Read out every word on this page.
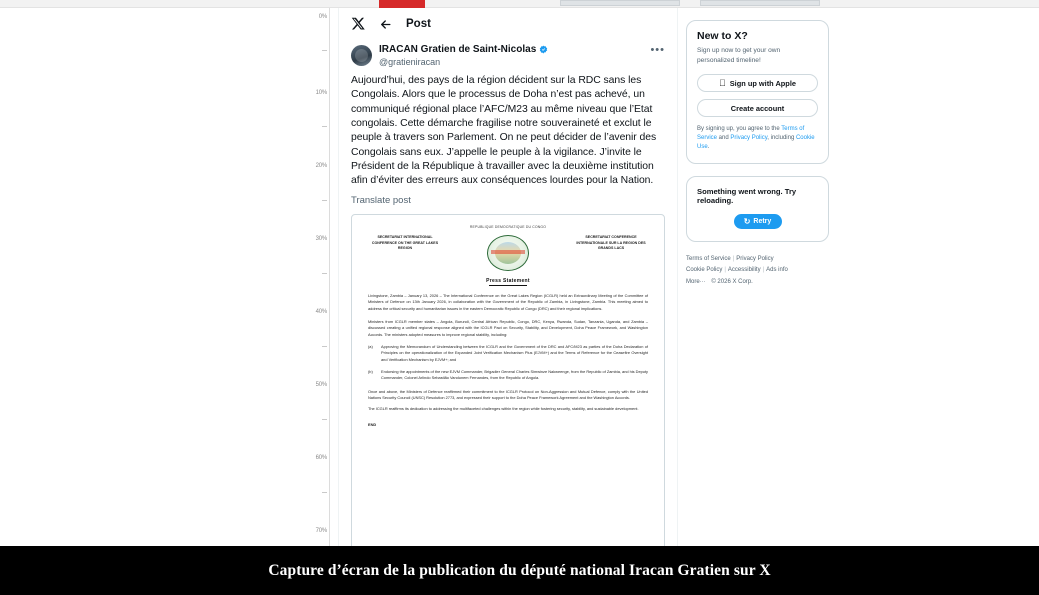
0%
10%
20%
30%
40%
50%
60%
70%
Post
IRACAN Gratien de Saint-Nicolas
@gratieniracan
•••
Aujourd’hui, des pays de la région décident sur la RDC sans les Congolais. Alors que le processus de Doha n’est pas achevé, un communiqué régional place l’AFC/M23 au même niveau que l’Etat congolais. Cette démarche fragilise notre souveraineté et exclut le peuple à travers son Parlement. On ne peut décider de l’avenir des Congolais sans eux. J’appelle le peuple à la vigilance. J’invite le Président de la République à travailler avec la deuxième institution afin d’éviter des erreurs aux conséquences lourdes pour la Nation.
Translate post
REPUBLIQUE DEMOCRATIQUE DU CONGO
SECRETARIAT INTERNATIONAL CONFERENCE ON THE GREAT LAKES REGION
SECRETARIAT CONFERENCE INTERNATIONALE SUR LA REGION DES GRANDS LACS
Press Statement
Livingstone, Zambia – January 13, 2026 – The International Conference on the Great Lakes Region (ICGLR) held an Extraordinary Meeting of the Committee of Ministers of Defence on 13th January 2026, in collaboration with the Government of the Republic of Zambia, in Livingstone, Zambia. This meeting aimed to address the critical security and humanitarian issues in the eastern Democratic Republic of Congo (DRC) and their regional implications.
Ministers from ICGLR member states – Angola, Burundi, Central African Republic, Congo, DRC, Kenya, Rwanda, Sudan, Tanzania, Uganda, and Zambia – discussed creating a unified regional response aligned with the ICGLR Pact on Security, Stability, and Development, Doha Peace Framework, and Washington Accords. The ministers adopted measures to improve regional stability, including:
(a)	Approving the Memorandum of Understanding between the ICGLR and the Government of the DRC and AFC/M23 as parties of the Doha Declaration of Principles on the operationalization of the Expanded Joint Verification Mechanism Plus (EJVM+) and the Terms of Reference for the Ceasefire Oversight and Verification Mechanism by EJVM+; and
(b)	Endorsing the appointments of the new EJVM Commander, Brigadier General Charles Simwinze Nakweenge, from the Republic of Zambia, and his Deputy Commander, Colonel Arlindo Sebastião Vandunem Fernandes, from the Republic of Angola.
Once and above, the Ministers of Defence reaffirmed their commitment to the ICGLR Protocol on Non-Aggression and Mutual Defence, comply with the United Nations Security Council (UNSC) Resolution 2773, and expressed their support to the Doha Peace Framework Agreement and the Washington Accords.
The ICGLR reaffirms its dedication to addressing the multifaceted challenges within the region while fostering security, stability, and sustainable development.
END
New to X?
Sign up now to get your own personalized timeline!
Sign up with Apple
Create account
By signing up, you agree to the Terms of Service and Privacy Policy, including Cookie Use.
Something went wrong. Try reloading.
↻ Retry
Terms of Service | Privacy Policy
Cookie Policy | Accessibility | Ads info
More··· © 2026 X Corp.
Capture d’écran de la publication du député national Iracan Gratien sur X
